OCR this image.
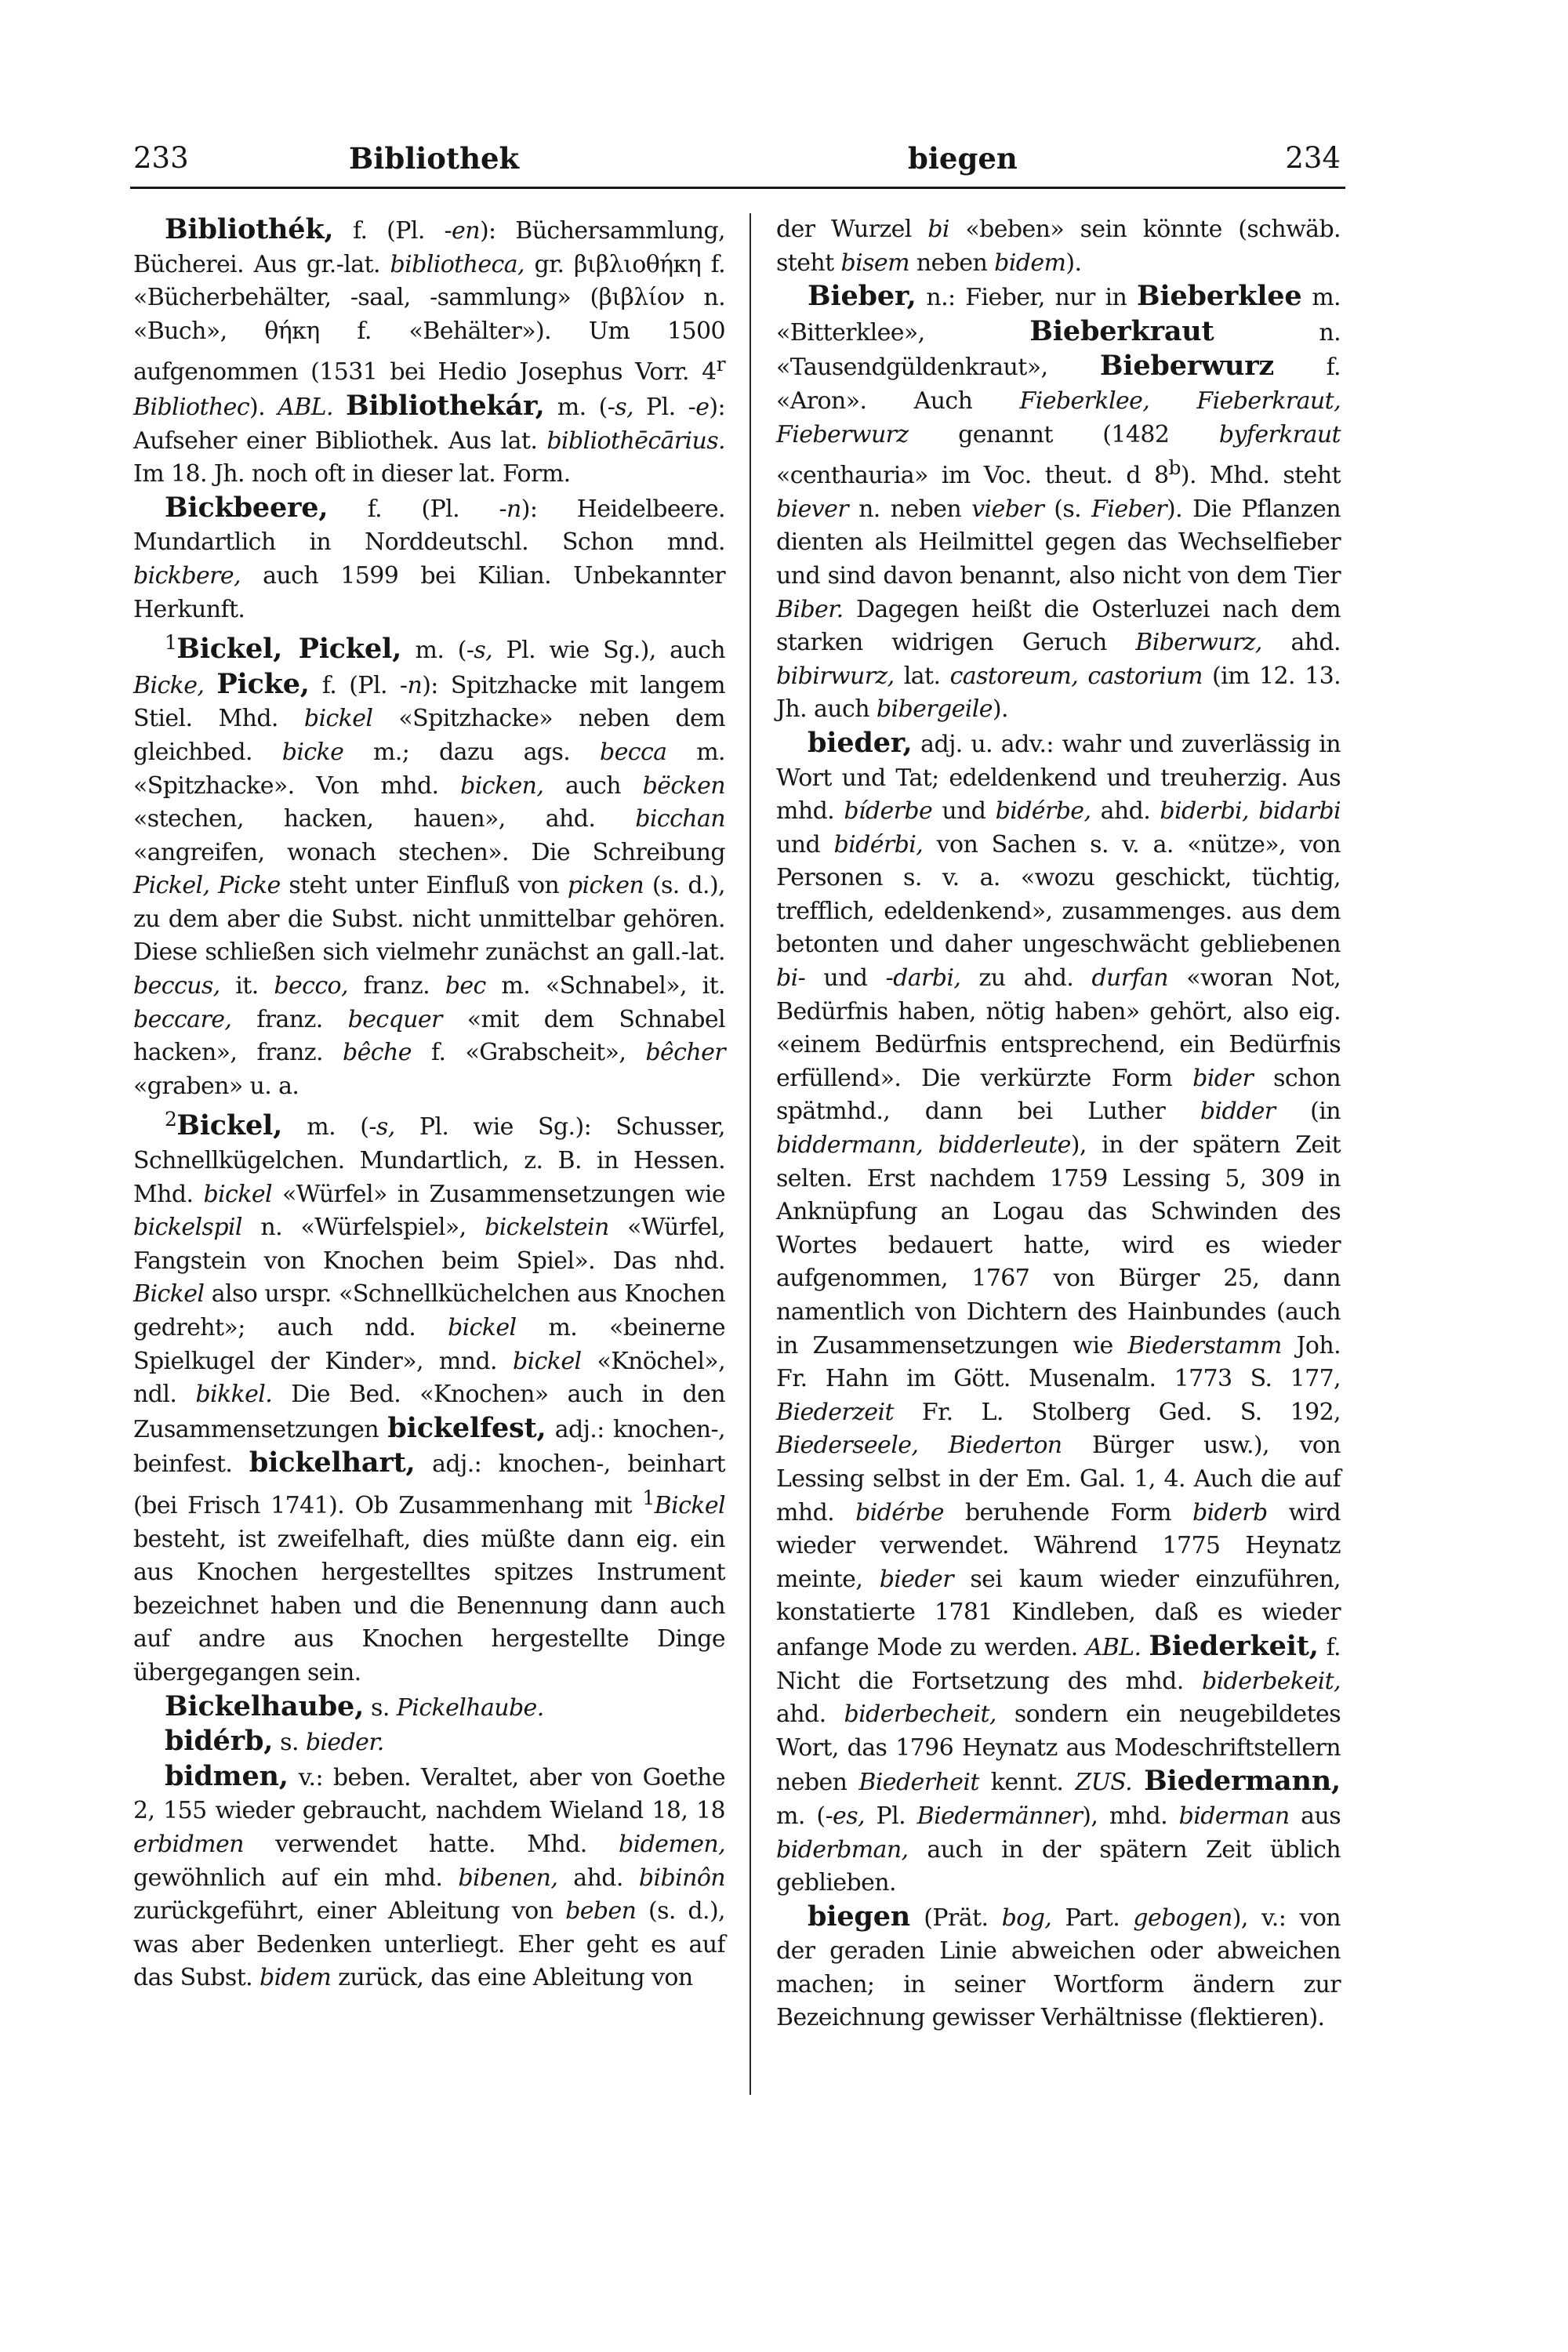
233	Bibliothek	biegen	234

Bibliothék, f. (Pl. -en): Büchersammlung, Bücherei. Aus gr.-lat. bibliotheca, gr. βιβλιοθήκη f. «Bücherbehälter, -saal, -sammlung» (βιβλίον n. «Buch», θήκη f. «Behälter»). Um 1500 aufgenommen (1531 bei Hedio Josephus Vorr. 4$^r$ Bibliothec). ABL. Bibliothekár, m. (-s, Pl. -e): Aufseher einer Bibliothek. Aus lat. bibliothēcārius. Im 18. Jh. noch oft in dieser lat. Form.

Bickbeere, f. (Pl. -n): Heidelbeere. Mundartlich in Norddeutschl. Schon mnd. bickbere, auch 1599 bei Kilian. Unbekannter Herkunft.

$^1$Bickel, Pickel, m. (-s, Pl. wie Sg.), auch Bicke, Picke, f. (Pl. -n): Spitzhacke mit langem Stiel. Mhd. bickel «Spitzhacke» neben dem gleichbed. bicke m.; dazu ags. becca m. «Spitzhacke». Von mhd. bicken, auch bëcken «stechen, hacken, hauen», ahd. bicchan «angreifen, wonach stechen». Die Schreibung Pickel, Picke steht unter Einfluß von picken (s. d.), zu dem aber die Subst. nicht unmittelbar gehören. Diese schließen sich vielmehr zunächst an gall.-lat. beccus, it. becco, franz. bec m. «Schnabel», it. beccare, franz. becquer «mit dem Schnabel hacken», franz. bêche f. «Grabscheit», bêcher «graben» u. a.

$^2$Bickel, m. (-s, Pl. wie Sg.): Schusser, Schnellkügelchen. Mundartlich, z. B. in Hessen. Mhd. bickel «Würfel» in Zusammensetzungen wie bickelspil n. «Würfelspiel», bickelstein «Würfel, Fangstein von Knochen beim Spiel». Das nhd. Bickel also urspr. «Schnellküchelchen aus Knochen gedreht»; auch ndd. bickel m. «beinerne Spielkugel der Kinder», mnd. bickel «Knöchel», ndl. bikkel. Die Bed. «Knochen» auch in den Zusammensetzungen bickelfest, adj.: knochen-, beinfest. bickelhart, adj.: knochen-, beinhart (bei Frisch 1741). Ob Zusammenhang mit $^1$Bickel besteht, ist zweifelhaft, dies müßte dann eig. ein aus Knochen hergestelltes spitzes Instrument bezeichnet haben und die Benennung dann auch auf andre aus Knochen hergestellte Dinge übergegangen sein.

Bickelhaube, s. Pickelhaube.

bidérb, s. bieder.

bidmen, v.: beben. Veraltet, aber von Goethe 2, 155 wieder gebraucht, nachdem Wieland 18, 18 erbidmen verwendet hatte. Mhd. bidemen, gewöhnlich auf ein mhd. bibenen, ahd. bibinôn zurückgeführt, einer Ableitung von beben (s. d.), was aber Bedenken unterliegt. Eher geht es auf das Subst. bidem zurück, das eine Ableitung von

der Wurzel bi «beben» sein könnte (schwäb. steht bisem neben bidem).

Bieber, n.: Fieber, nur in Bieberklee m. «Bitterklee», Bieberkraut n. «Tausendgüldenkraut», Bieberwurz f. «Aron». Auch Fieberklee, Fieberkraut, Fieberwurz genannt (1482 byferkraut «centhauria» im Voc. theut. d 8$^b$). Mhd. steht biever n. neben vieber (s. Fieber). Die Pflanzen dienten als Heilmittel gegen das Wechselfieber und sind davon benannt, also nicht von dem Tier Biber. Dagegen heißt die Osterluzei nach dem starken widrigen Geruch Biberwurz, ahd. bibirwurz, lat. castoreum, castorium (im 12. 13. Jh. auch bibergeile).

bieder, adj. u. adv.: wahr und zuverlässig in Wort und Tat; edeldenkend und treuherzig. Aus mhd. bíderbe und bidérbe, ahd. biderbi, bidarbi und bidérbi, von Sachen s. v. a. «nütze», von Personen s. v. a. «wozu geschickt, tüchtig, trefflich, edeldenkend», zusammenges. aus dem betonten und daher ungeschwächt gebliebenen bi- und -darbi, zu ahd. durfan «woran Not, Bedürfnis haben, nötig haben» gehört, also eig. «einem Bedürfnis entsprechend, ein Bedürfnis erfüllend». Die verkürzte Form bider schon spätmhd., dann bei Luther bidder (in biddermann, bidderleute), in der spätern Zeit selten. Erst nachdem 1759 Lessing 5, 309 in Anknüpfung an Logau das Schwinden des Wortes bedauert hatte, wird es wieder aufgenommen, 1767 von Bürger 25, dann namentlich von Dichtern des Hainbundes (auch in Zusammensetzungen wie Biederstamm Joh. Fr. Hahn im Gött. Musenalm. 1773 S. 177, Biederzeit Fr. L. Stolberg Ged. S. 192, Biederseele, Biederton Bürger usw.), von Lessing selbst in der Em. Gal. 1, 4. Auch die auf mhd. bidérbe beruhende Form biderb wird wieder verwendet. Während 1775 Heynatz meinte, bieder sei kaum wieder einzuführen, konstatierte 1781 Kindleben, daß es wieder anfange Mode zu werden. ABL. Biederkeit, f. Nicht die Fortsetzung des mhd. biderbekeit, ahd. biderbecheit, sondern ein neugebildetes Wort, das 1796 Heynatz aus Modeschriftstellern neben Biederheit kennt. ZUS. Biedermann, m. (-es, Pl. Biedermänner), mhd. biderman aus biderbman, auch in der spätern Zeit üblich geblieben.

biegen (Prät. bog, Part. gebogen), v.: von der geraden Linie abweichen oder abweichen machen; in seiner Wortform ändern zur Bezeichnung gewisser Verhältnisse (flektieren).
